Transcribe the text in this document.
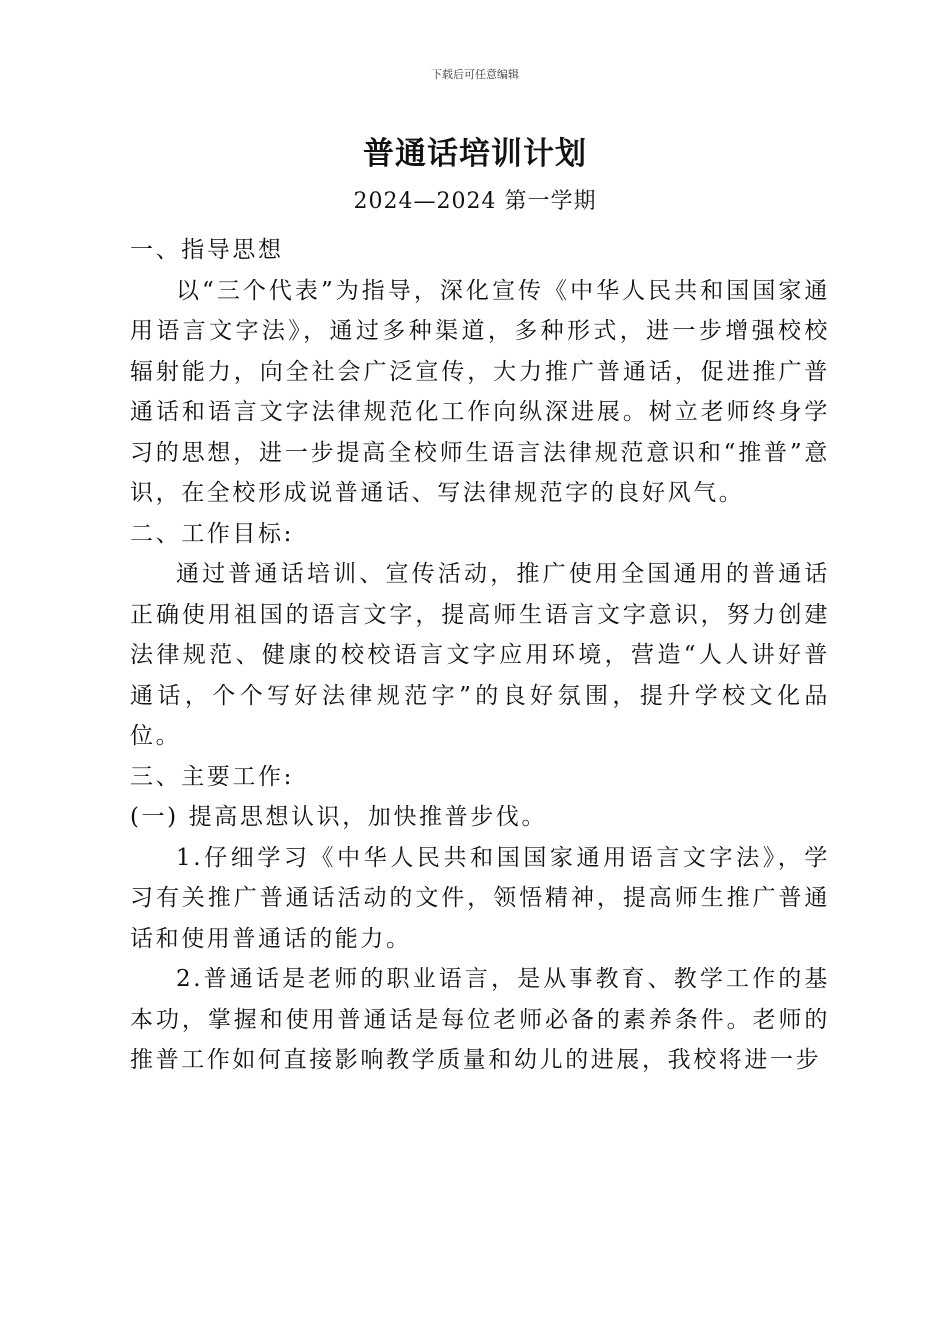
下载后可任意编辑
普通话培训计划
2024—2024 第一学期

一、指导思想

以“三个代表”为指导，深化宣传《中华人民共和国国家通用语言文字法》，通过多种渠道，多种形式，进一步增强校校辐射能力，向全社会广泛宣传，大力推广普通话，促进推广普通话和语言文字法律规范化工作向纵深进展。树立老师终身学习的思想，进一步提高全校师生语言法律规范意识和“推普”意识，在全校形成说普通话、写法律规范字的良好风气。

二、工作目标:

通过普通话培训、宣传活动，推广使用全国通用的普通话正确使用祖国的语言文字，提高师生语言文字意识，努力创建法律规范、健康的校校语言文字应用环境，营造“人人讲好普通话，个个写好法律规范字”的良好氛围，提升学校文化品位。

三、主要工作:

(一) 提高思想认识，加快推普步伐。

1.仔细学习《中华人民共和国国家通用语言文字法》，学习有关推广普通话活动的文件，领悟精神，提高师生推广普通话和使用普通话的能力。

2.普通话是老师的职业语言，是从事教育、教学工作的基本功，掌握和使用普通话是每位老师必备的素养条件。老师的推普工作如何直接影响教学质量和幼儿的进展，我校将进一步
